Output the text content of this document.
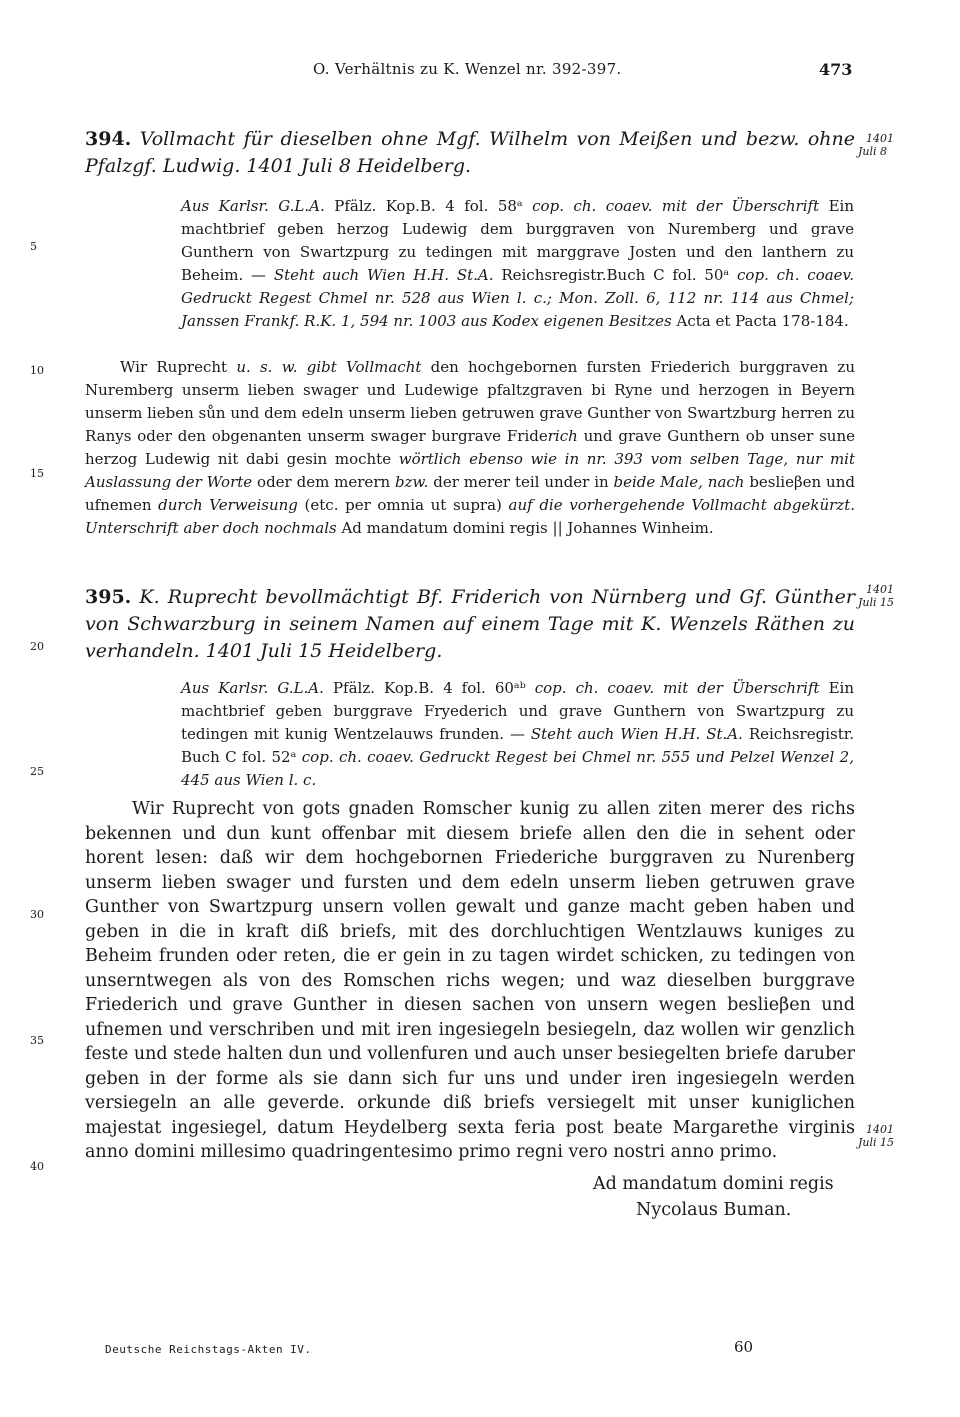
O. Verhältnis zu K. Wenzel nr. 392-397.	473
394. Vollmacht für dieselben ohne Mgf. Wilhelm von Meißen und bezw. ohne Pfalzgf. Ludwig. 1401 Juli 8 Heidelberg.
1401
Juli 8
Aus Karlsr. G.L.A. Pfälz. Kop.B. 4 fol. 58ᵃ cop. ch. coaev. mit der Überschrift Ein machtbrief geben herzog Ludewig dem burggraven von Nuremberg und grave Gunthern von Swartzpurg zu tedingen mit marggrave Josten und den lanthern zu Beheim. — Steht auch Wien H.H. St.A. Reichsregistr.Buch C fol. 50ᵃ cop. ch. coaev. Gedruckt Regest Chmel nr. 528 aus Wien l. c.; Mon. Zoll. 6, 112 nr. 114 aus Chmel; Janssen Frankf. R.K. 1, 594 nr. 1003 aus Kodex eigenen Besitzes Acta et Pacta 178-184.
Wir Ruprecht u. s. w. gibt Vollmacht den hochgebornen fursten Friederich burggraven zu Nuremberg unserm lieben swager und Ludewige pfaltzgraven bi Ryne und herzogen in Beyern unserm lieben sůn und dem edeln unserm lieben getruwen grave Gunther von Swartzburg herren zu Ranys oder den obgenanten unserm swager burgrave Friderich und grave Gunthern ob unser sune herzog Ludewig nit dabi gesin mochte wörtlich ebenso wie in nr. 393 vom selben Tage, nur mit Auslassung der Worte oder dem merern bzw. der merer teil under in beide Male, nach beslieβen und ufnemen durch Verweisung (etc. per omnia ut supra) auf die vorhergehende Vollmacht abgekürzt. Unterschrift aber doch nochmals Ad mandatum domini regis || Johannes Winheim.
395. K. Ruprecht bevollmächtigt Bf. Friderich von Nürnberg und Gf. Günther von Schwarzburg in seinem Namen auf einem Tage mit K. Wenzels Räthen zu verhandeln. 1401 Juli 15 Heidelberg.
1401
Juli 15
Aus Karlsr. G.L.A. Pfälz. Kop.B. 4 fol. 60ᵃᵇ cop. ch. coaev. mit der Überschrift Ein machtbrief geben burggrave Fryederich und grave Gunthern von Swartzpurg zu tedingen mit kunig Wentzelauws frunden. — Steht auch Wien H.H. St.A. Reichsregistr. Buch C fol. 52ᵃ cop. ch. coaev. Gedruckt Regest bei Chmel nr. 555 und Pelzel Wenzel 2, 445 aus Wien l. c.
Wir Ruprecht von gots gnaden Romscher kunig zu allen ziten merer des richs bekennen und dun kunt offenbar mit diesem briefe allen den die in sehent oder horent lesen: daß wir dem hochgebornen Friederiche burggraven zu Nurenberg unserm lieben swager und fursten und dem edeln unserm lieben getruwen grave Gunther von Swartzpurg unsern vollen gewalt und ganze macht geben haben und geben in die in kraft diß briefs, mit des dorchluchtigen Wentzlauws kuniges zu Beheim frunden oder reten, die er gein in zu tagen wirdet schicken, zu tedingen von unserntwegen als von des Romschen richs wegen; und waz dieselben burggrave Friederich und grave Gunther in diesen sachen von unsern wegen beslieβen und ufnemen und verschriben und mit iren ingesiegeln besiegeln, daz wollen wir genzlich feste und stede halten dun und vollenfuren und auch unser besiegelten briefe daruber geben in der forme als sie dann sich fur uns und under iren ingesiegeln werden versiegeln an alle geverde. orkunde diß briefs versiegelt mit unser kuniglichen majestat ingesiegel, datum Heydelberg sexta feria post beate Margarethe virginis anno domini millesimo quadringentesimo primo regni vero nostri anno primo.
1401
Juli 15
Ad mandatum domini regis
Nycolaus Buman.
5
10
15
20
25
30
35
40
Deutsche Reichstags-Akten IV.	60
